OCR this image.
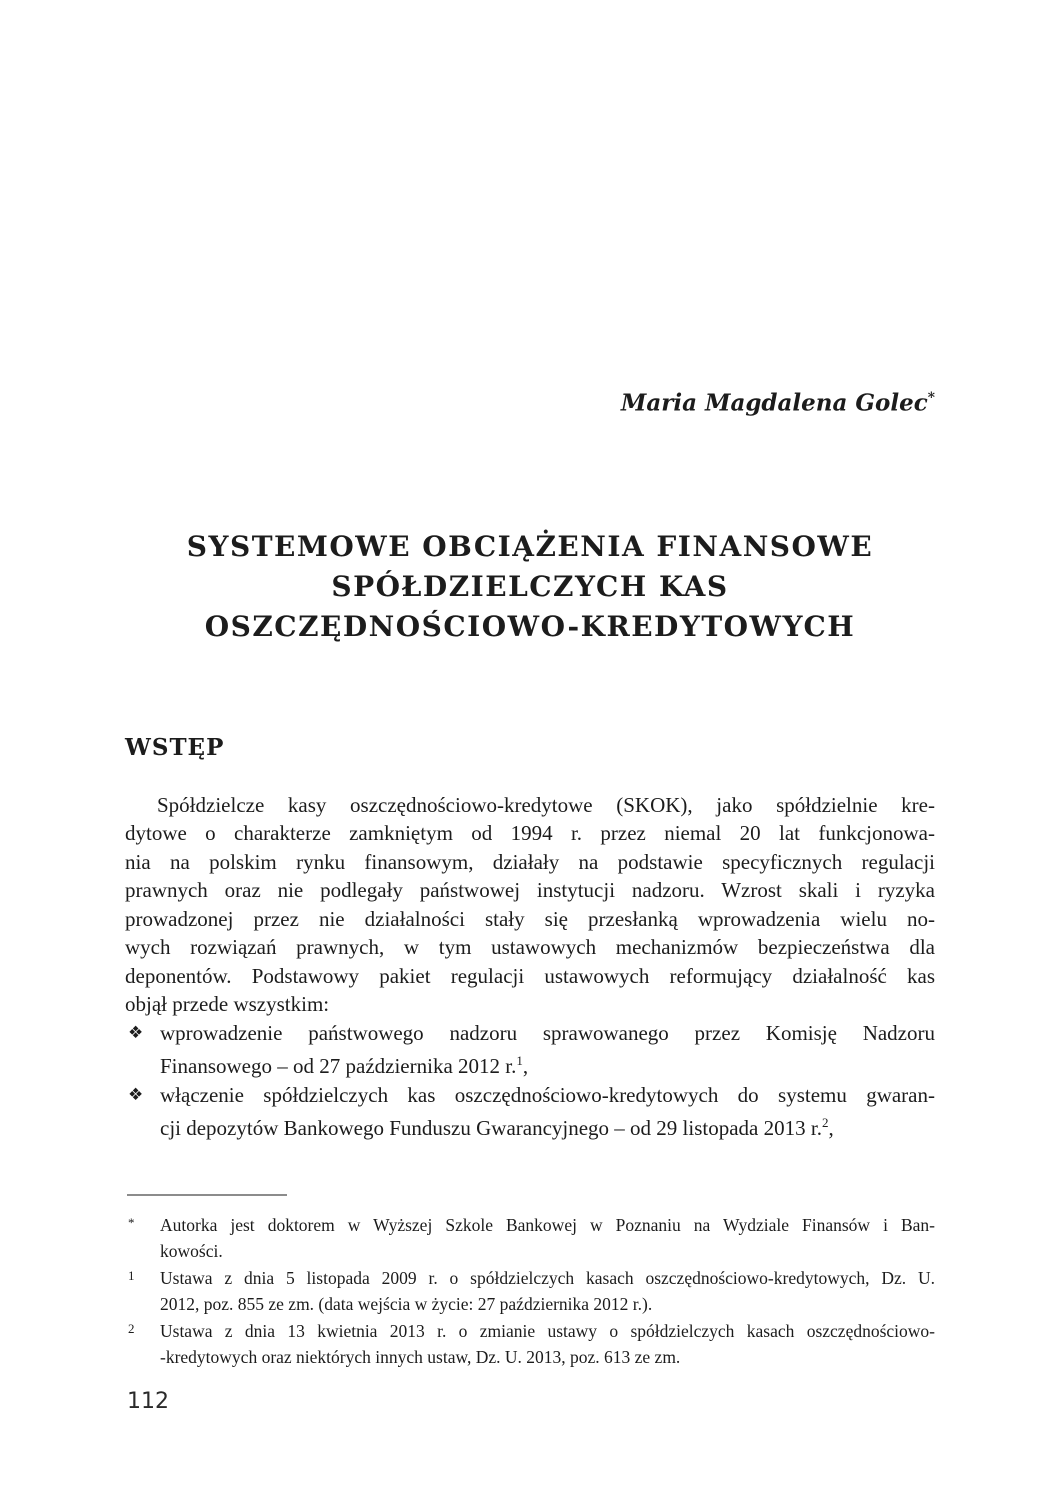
Maria Magdalena Golec*
SYSTEMOWE OBCIĄŻENIA FINANSOWE
SPÓŁDZIELCZYCH KAS
OSZCZĘDNOŚCIOWO-KREDYTOWYCH
WSTĘP
Spółdzielcze kasy oszczędnościowo-kredytowe (SKOK), jako spółdzielnie kre-
dytowe o charakterze zamkniętym od 1994 r. przez niemal 20 lat funkcjonowa-
nia na polskim rynku finansowym, działały na podstawie specyficznych regulacji
prawnych oraz nie podlegały państwowej instytucji nadzoru. Wzrost skali i ryzyka
prowadzonej przez nie działalności stały się przesłanką wprowadzenia wielu no-
wych rozwiązań prawnych, w tym ustawowych mechanizmów bezpieczeństwa dla
deponentów. Podstawowy pakiet regulacji ustawowych reformujący działalność kas
objął przede wszystkim:
❖ wprowadzenie państwowego nadzoru sprawowanego przez Komisję Nadzoru
Finansowego – od 27 października 2012 r.$^1$,
❖ włączenie spółdzielczych kas oszczędnościowo-kredytowych do systemu gwaran-
cji depozytów Bankowego Funduszu Gwarancyjnego – od 29 listopada 2013 r.$^2$,
* Autorka jest doktorem w Wyższej Szkole Bankowej w Poznaniu na Wydziale Finansów i Ban-
kowości.
1 Ustawa z dnia 5 listopada 2009 r. o spółdzielczych kasach oszczędnościowo-kredytowych, Dz. U.
2012, poz. 855 ze zm. (data wejścia w życie: 27 października 2012 r.).
2 Ustawa z dnia 13 kwietnia 2013 r. o zmianie ustawy o spółdzielczych kasach oszczędnościowo-
-kredytowych oraz niektórych innych ustaw, Dz. U. 2013, poz. 613 ze zm.
112
